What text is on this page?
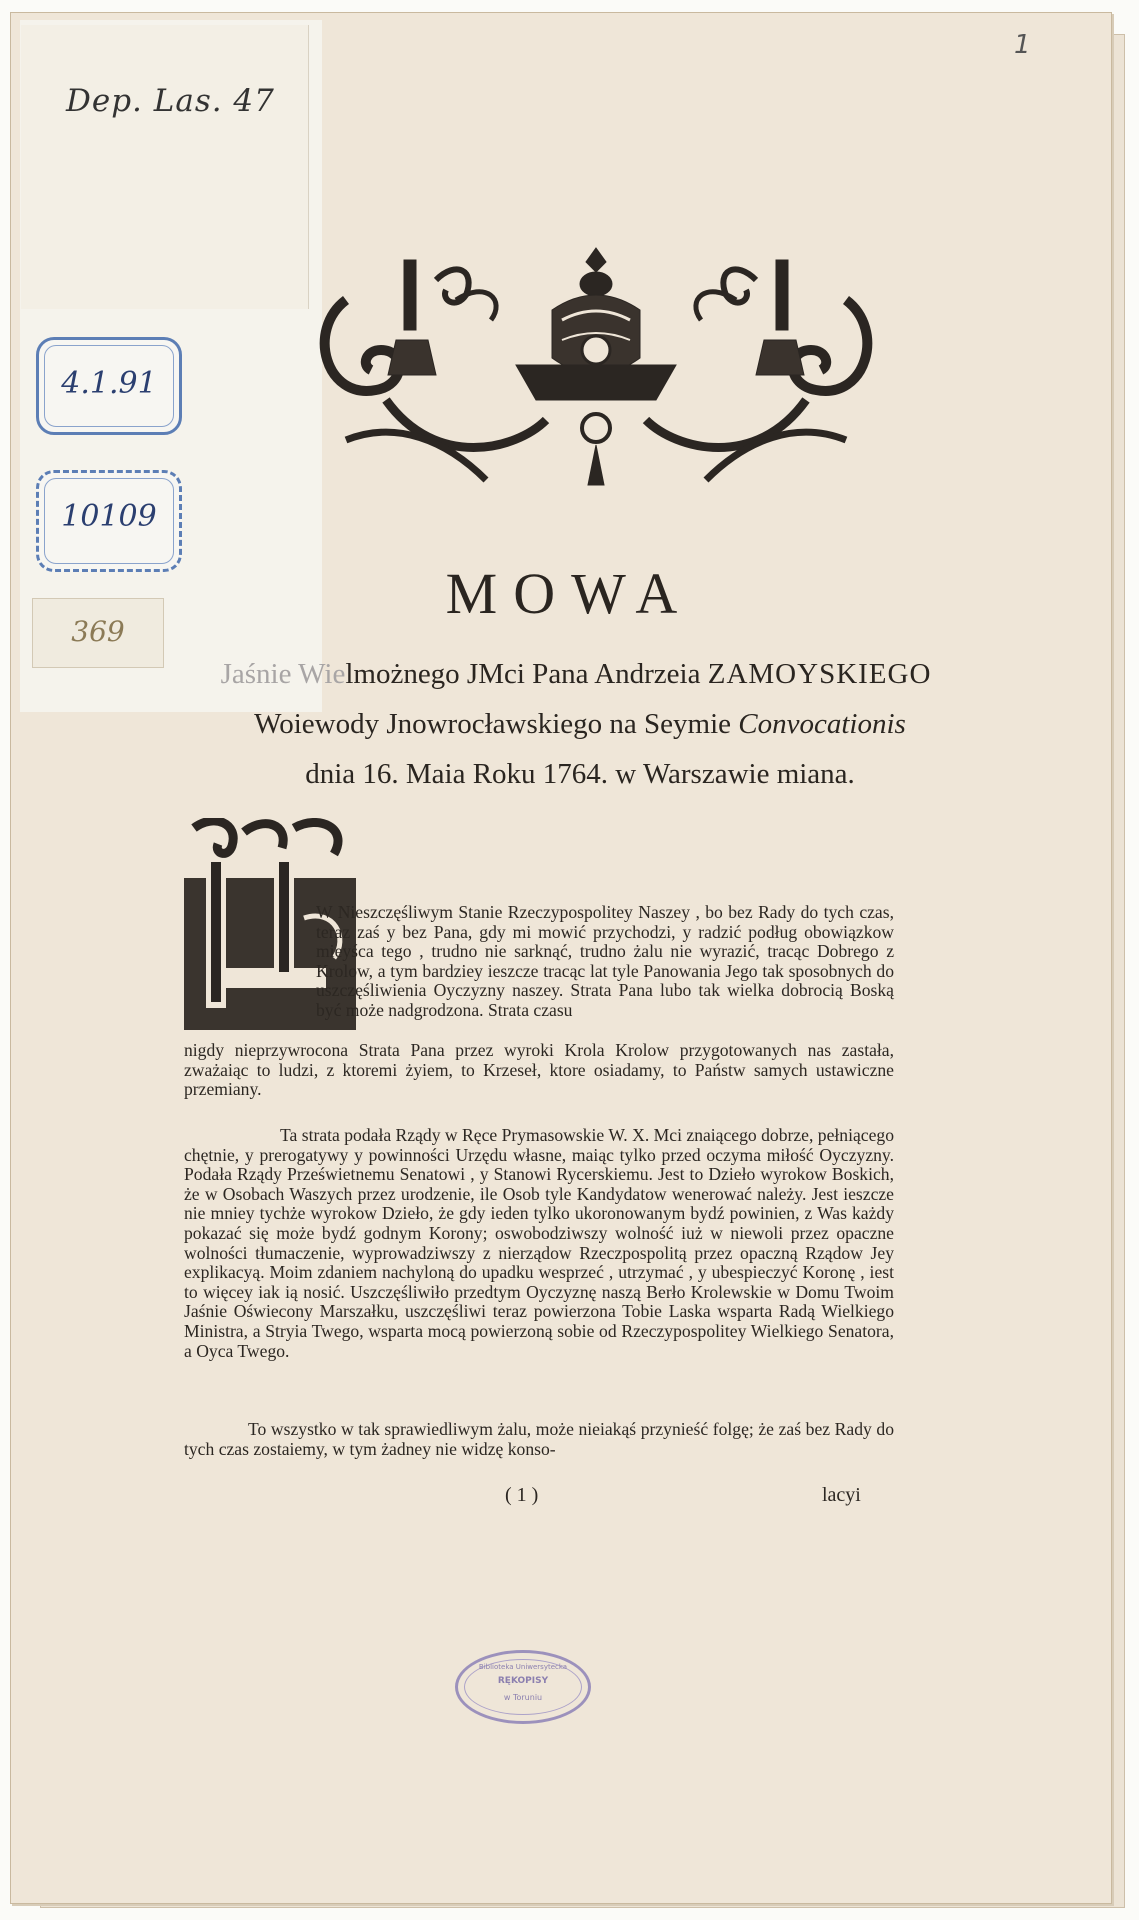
1
Dep. Las. 47
4.1.91
10109
369
MOWA
Jaśnie Wielmożnego JMci Pana Andrzeia ZAMOYSKIEGO
Woiewody Jnowrocławskiego na Seymie Convocationis
dnia 16. Maia Roku 1764. w Warszawie miana.
W Nieszczęśliwym Stanie Rzeczypospolitey Naszey , bo bez Rady do tych czas, teraz zaś y bez Pana, gdy mi mowić przychodzi, y radzić podług obowiązkow mieyśca tego , trudno nie sarknąć, trudno żalu nie wyrazić, tracąc Dobrego z Krolow, a tym bardziey ieszcze tracąc lat tyle Panowania Jego tak sposobnych do uszczęśliwienia Oyczyzny naszey. Strata Pana lubo tak wielka dobrocią Boską być może nadgrodzona. Strata czasu
nigdy nieprzywrocona Strata Pana przez wyroki Krola Krolow przygotowanych nas zastała, zważaiąc to ludzi, z ktoremi żyiem, to Krzeseł, ktore osiadamy, to Państw samych ustawiczne przemiany.
Ta strata podała Rządy w Ręce Prymasowskie W. X. Mci znaiącego dobrze, pełniącego chętnie, y prerogatywy y powinności Urzędu własne, maiąc tylko przed oczyma miłość Oyczyzny. Podała Rządy Prześwietnemu Senatowi , y Stanowi Rycerskiemu. Jest to Dzieło wyrokow Boskich, że w Osobach Waszych przez urodzenie, ile Osob tyle Kandydatow wenerować należy. Jest ieszcze nie mniey tychże wyrokow Dzieło, że gdy ieden tylko ukoronowanym bydź powinien, z Was każdy pokazać się może bydź godnym Korony; oswobodziwszy wolność iuż w niewoli przez opaczne wolności tłumaczenie, wyprowadziwszy z nierządow Rzeczpospolitą przez opaczną Rządow Jey explikacyą. Moim zdaniem nachyloną do upadku wesprzeć , utrzymać , y ubespieczyć Koronę , iest to więcey iak ią nosić. Uszczęśliwiło przedtym Oyczyznę naszą Berło Krolewskie w Domu Twoim Jaśnie Oświecony Marszałku, uszczęśliwi teraz powierzona Tobie Laska wsparta Radą Wielkiego Ministra, a Stryia Twego, wsparta mocą powierzoną sobie od Rzeczypospolitey Wielkiego Senatora, a Oyca Twego.
To wszystko w tak sprawiedliwym żalu, może nieiakąś przynieść folgę; że zaś bez Rady do tych czas zostaiemy, w tym żadney nie widzę konso-
( 1 )	lacyi
Biblioteka Uniwersytecka
RĘKOPISY
w Toruniu
